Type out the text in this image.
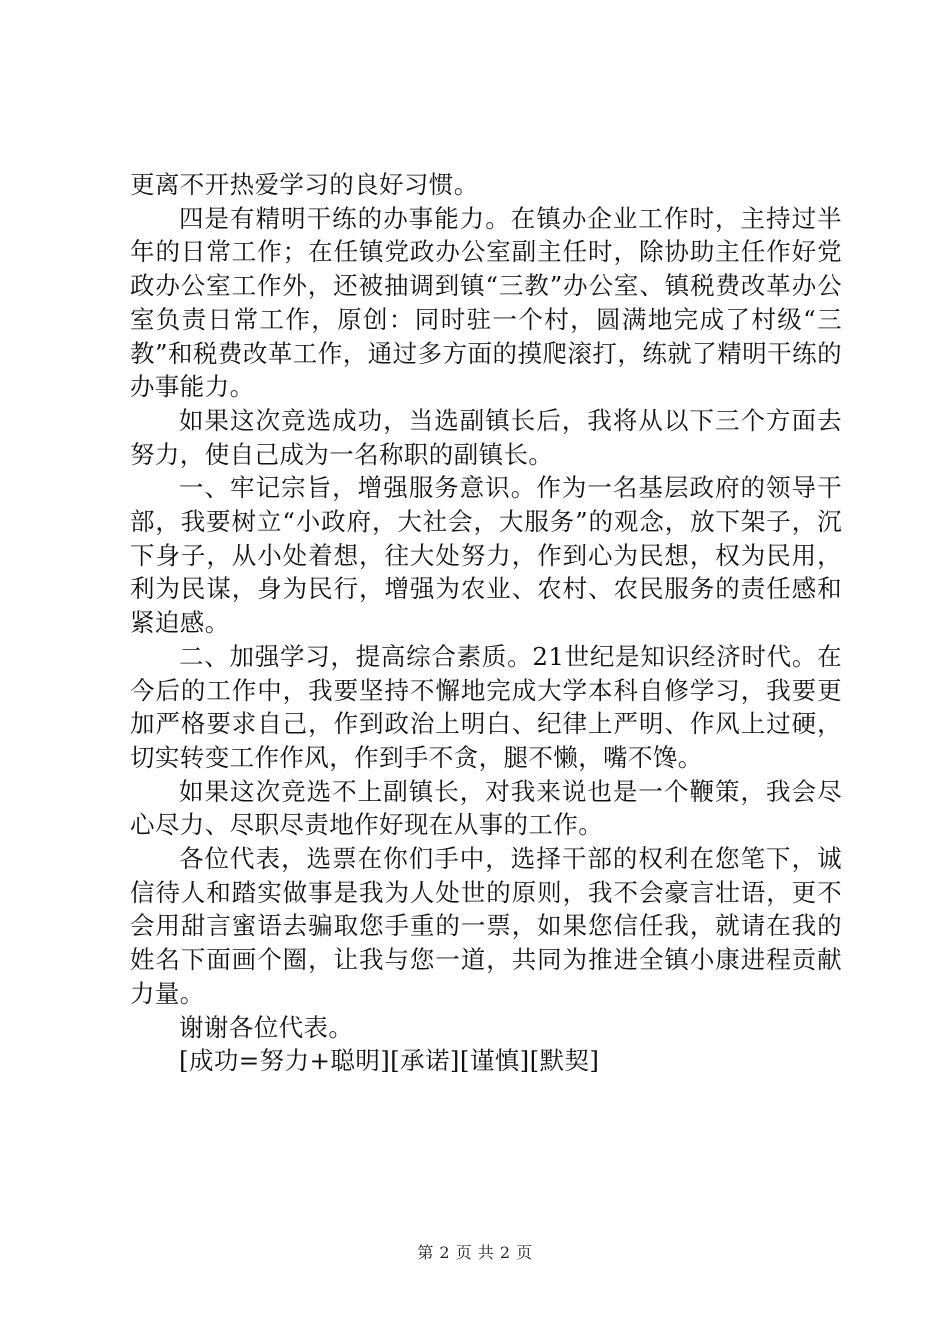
更离不开热爱学习的良好习惯。

四是有精明干练的办事能力。在镇办企业工作时，主持过半年的日常工作；在任镇党政办公室副主任时，除协助主任作好党政办公室工作外，还被抽调到镇“三教”办公室、镇税费改革办公室负责日常工作，原创：同时驻一个村，圆满地完成了村级“三教”和税费改革工作，通过多方面的摸爬滚打，练就了精明干练的办事能力。

如果这次竞选成功，当选副镇长后，我将从以下三个方面去努力，使自己成为一名称职的副镇长。

一、牢记宗旨，增强服务意识。作为一名基层政府的领导干部，我要树立“小政府，大社会，大服务”的观念，放下架子，沉下身子，从小处着想，往大处努力，作到心为民想，权为民用，利为民谋，身为民行，增强为农业、农村、农民服务的责任感和紧迫感。

二、加强学习，提高综合素质。21世纪是知识经济时代。在今后的工作中，我要坚持不懈地完成大学本科自修学习，我要更加严格要求自己，作到政治上明白、纪律上严明、作风上过硬，切实转变工作作风，作到手不贪，腿不懒，嘴不馋。

如果这次竞选不上副镇长，对我来说也是一个鞭策，我会尽心尽力、尽职尽责地作好现在从事的工作。

各位代表，选票在你们手中，选择干部的权利在您笔下，诚信待人和踏实做事是我为人处世的原则，我不会豪言壮语，更不会用甜言蜜语去骗取您手重的一票，如果您信任我，就请在我的姓名下面画个圈，让我与您一道，共同为推进全镇小康进程贡献力量。

谢谢各位代表。

[成功=努力+聪明][承诺][谨慎][默契]

第 2 页 共 2 页
